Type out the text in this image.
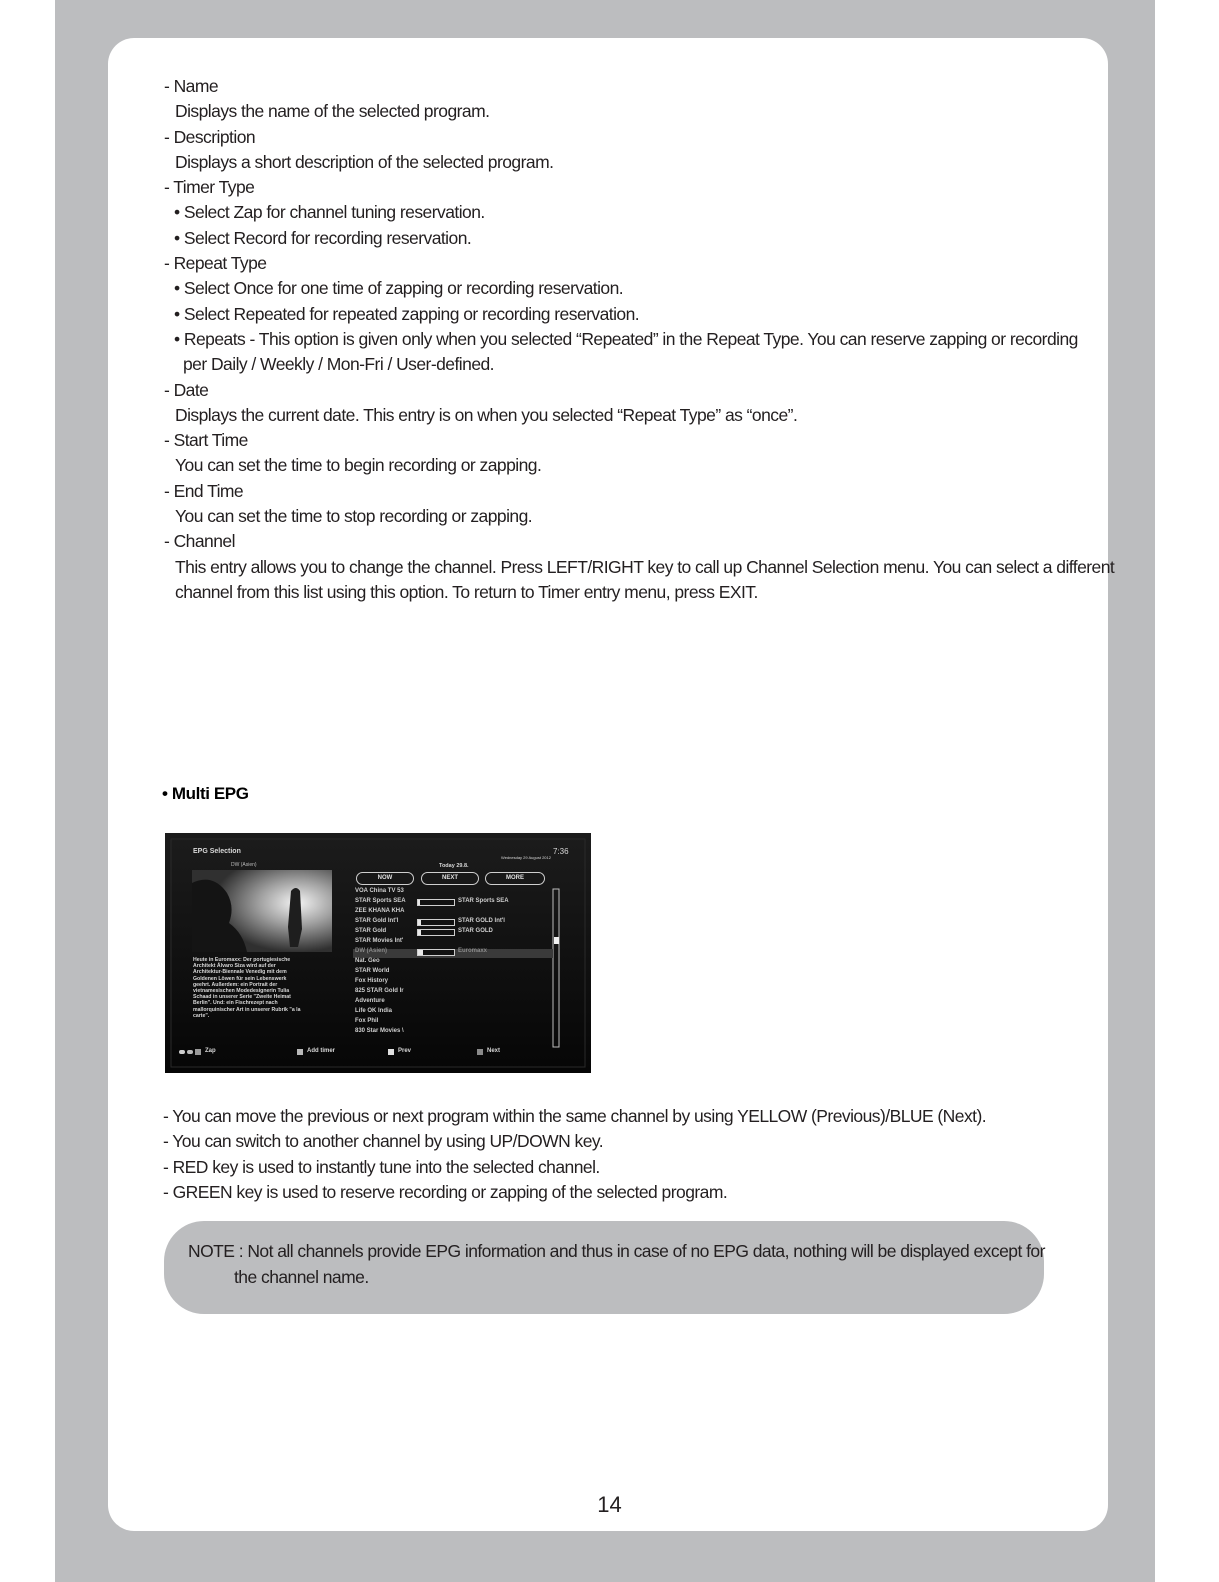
- Name
Displays the name of the selected program.
- Description
Displays a short description of the selected program.
- Timer Type
• Select Zap for channel tuning reservation.
• Select Record for recording reservation.
- Repeat Type
• Select Once for one time of zapping or recording reservation.
• Select Repeated for repeated zapping or recording reservation.
• Repeats - This option is given only when you selected “Repeated” in the Repeat Type. You can reserve zapping or recording
per Daily / Weekly / Mon-Fri / User-defined.
- Date
Displays the current date. This entry is on when you selected “Repeat Type” as “once”.
- Start Time
You can set the time to begin recording or zapping.
- End Time
You can set the time to stop recording or zapping.
- Channel
This entry allows you to change the channel. Press LEFT/RIGHT key to call up Channel Selection menu. You can select a different
channel from this list using this option. To return to Timer entry menu, press EXIT.
• Multi EPG
EPG Selection	7:36
Wednesday 29 August 2012
DW (Asien)	Today 29.8.
NOW	NEXT	MORE
VOA China TV 53
STAR Sports SEA	STAR Sports SEA
ZEE KHANA KHA
STAR Gold Int'l	STAR GOLD Int'l
STAR Gold	STAR GOLD
STAR Movies Int'
DW (Asien)	Euromaxx
Nat. Geo
STAR World
Fox History
825 STAR Gold Ir
Adventure
Life OK India
Fox Phil
830 Star Movies \
Heute in Euromaxx: Der portugiesische
Architekt Álvaro Siza wird auf der
Architektur-Biennale Venedig mit dem
Goldenen Löwen für sein Lebenswerk
geehrt. Außerdem: ein Portrait der
vietnamesischen Modedesignerin Tulia
Schaad in unserer Serie "Zweite Heimat
Berlin". Und: ein Fischrezept nach
mallorquinischer Art in unserer Rubrik "a la
carte".
Zap	Add timer	Prev	Next
- You can move the previous or next program within the same channel by using YELLOW (Previous)/BLUE (Next).
- You can switch to another channel by using UP/DOWN key.
- RED key is used to instantly tune into the selected channel.
- GREEN key is used to reserve recording or zapping of the selected program.
NOTE : Not all channels provide EPG information and thus in case of no EPG data, nothing will be displayed except for
the channel name.
14
